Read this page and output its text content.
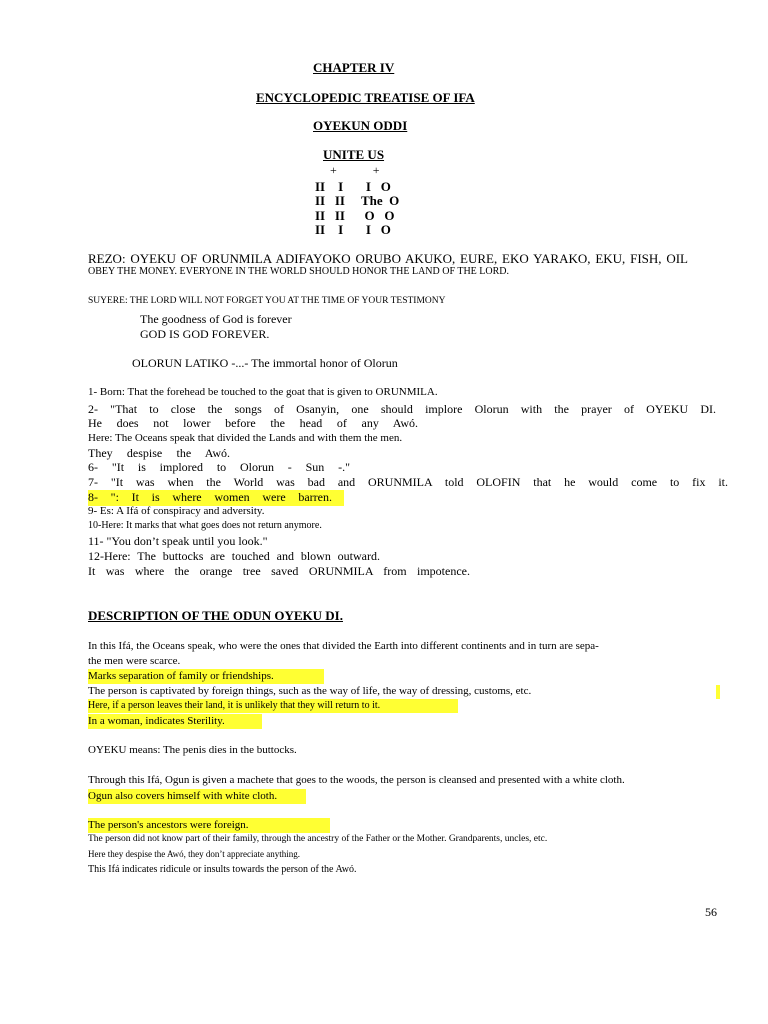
CHAPTER IV
ENCYCLOPEDIC TREATISE OF IFA
OYEKUN ODDI
UNITE US
+            +
II    I       I   O
II   II     The  O
II   II      O   O
II    I       I   O
REZO: OYEKU OF ORUNMILA ADIFAYOKO ORUBO AKUKO, EURE, EKO YARAKO, EKU, FISH, OIL
OBEY THE MONEY. EVERYONE IN THE WORLD SHOULD HONOR THE LAND OF THE LORD.
SUYERE: THE LORD WILL NOT FORGET YOU AT THE TIME OF YOUR TESTIMONY
The goodness of God is forever
GOD IS GOD FOREVER.
OLORUN LATIKO -...- The immortal honor of Olorun
1- Born: That the forehead be touched to the goat that is given to ORUNMILA.
2- "That to close the songs of Osanyin, one should implore Olorun with the prayer of OYEKU DI.
He does not lower before the head of any Awó.
Here: The Oceans speak that divided the Lands and with them the men.
They despise the Awó.
6- "It is implored to Olorun - Sun -."
7- "It was when the World was bad and ORUNMILA told OLOFIN that he would come to fix it.
8- ": It is where women were barren.
9- Es: A Ifá of conspiracy and adversity.
10-Here: It marks that what goes does not return anymore.
11- "You don’t speak until you look."
12-Here: The buttocks are touched and blown outward.
It was where the orange tree saved ORUNMILA from impotence.
DESCRIPTION OF THE ODUN OYEKU DI.
In this Ifá, the Oceans speak, who were the ones that divided the Earth into different continents and in turn are sepa-
the men were scarce.
Marks separation of family or friendships.
The person is captivated by foreign things, such as the way of life, the way of dressing, customs, etc.
Here, if a person leaves their land, it is unlikely that they will return to it.
In a woman, indicates Sterility.
OYEKU means: The penis dies in the buttocks.
Through this Ifá, Ogun is given a machete that goes to the woods, the person is cleansed and presented with a white cloth.
Ogun also covers himself with white cloth.
The person's ancestors were foreign.
The person did not know part of their family, through the ancestry of the Father or the Mother. Grandparents, uncles, etc.
Here they despise the Awó, they don’t appreciate anything.
This Ifá indicates ridicule or insults towards the person of the Awó.
56
